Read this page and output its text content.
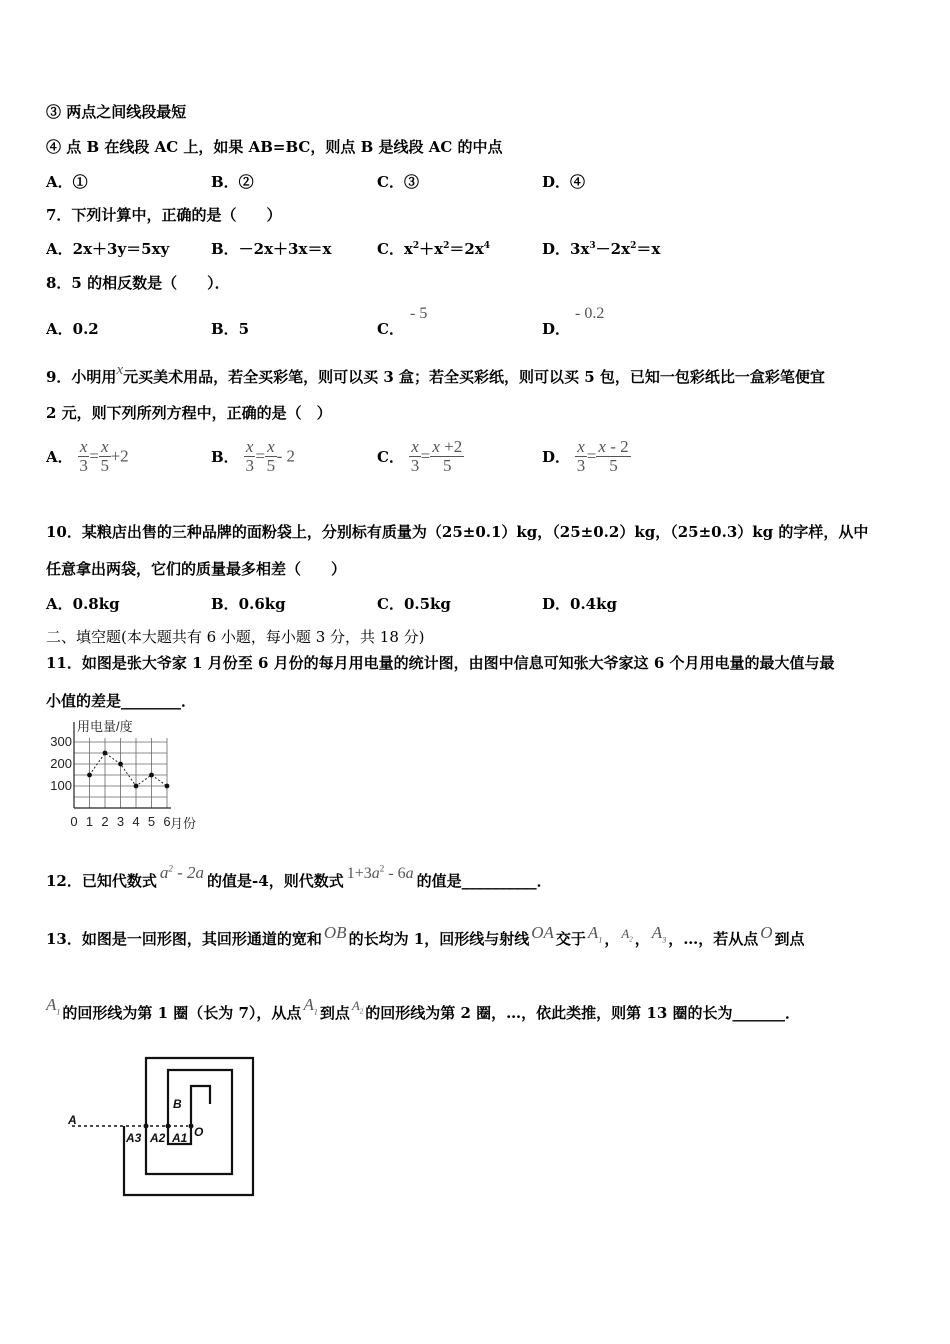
③ 两点之间线段最短
④ 点 B 在线段 AC 上，如果 AB=BC，则点 B 是线段 AC 的中点
A．①	B．②	C．③	D．④
7．下列计算中，正确的是（　　）
A．2x＋3y＝5xy	B．－2x＋3x＝x	C．$x^2+x^2=2x^4$	D．$3x^3-2x^2=x$
8．5 的相反数是（　　）．
A．0.2	B．5	C．
- 5
D．
- 0.2
9．小明用x元买美术用品，若全买彩笔，则可以买 3 盒；若全买彩纸，则可以买 5 包，已知一包彩纸比一盒彩笔便宜
2 元，则下列所列方程中，正确的是（　）
A． $\frac{x}{3} = \frac{x}{5} +2$	B． $\frac{x}{3} = \frac{x}{5} - 2$	C． $\frac{x}{3} = \frac{x +2}{5}$	D． $\frac{x}{3} = \frac{x - 2}{5}$
10．某粮店出售的三种品牌的面粉袋上，分别标有质量为（25±0.1）kg，（25±0.2）kg，（25±0.3）kg 的字样，从中
任意拿出两袋，它们的质量最多相差（　　）
A．0.8kg	B．0.6kg	C．0.5kg	D．0.4kg
二、填空题(本大题共有 6 小题，每小题 3 分，共 18 分)
11．如图是张大爷家 1 月份至 6 月份的每月用电量的统计图，由图中信息可知张大爷家这 6 个月用电量的最大值与最
小值的差是________．
100
200
300
0 1 2 3 4 5 6
用电量/度
月份
12．已知代数式 $a^2 - 2a$ 的值是-4，则代数式 $1+3a^2 - 6a$ 的值是__________．
13．如图是一回形图，其回形通道的宽和 OB 的长均为 1，回形线与射线 OA 交于 $A_1$ ， $A_2$ ， $A_3$ ，…，若从点 O 到点
$A_1$ 的回形线为第 1 圈（长为 7），从点 $A_1$ 到点 $A_2$ 的回形线为第 2 圈，…，依此类推，则第 13 圈的长为_______．
A
A3 A2 A1
B
O
